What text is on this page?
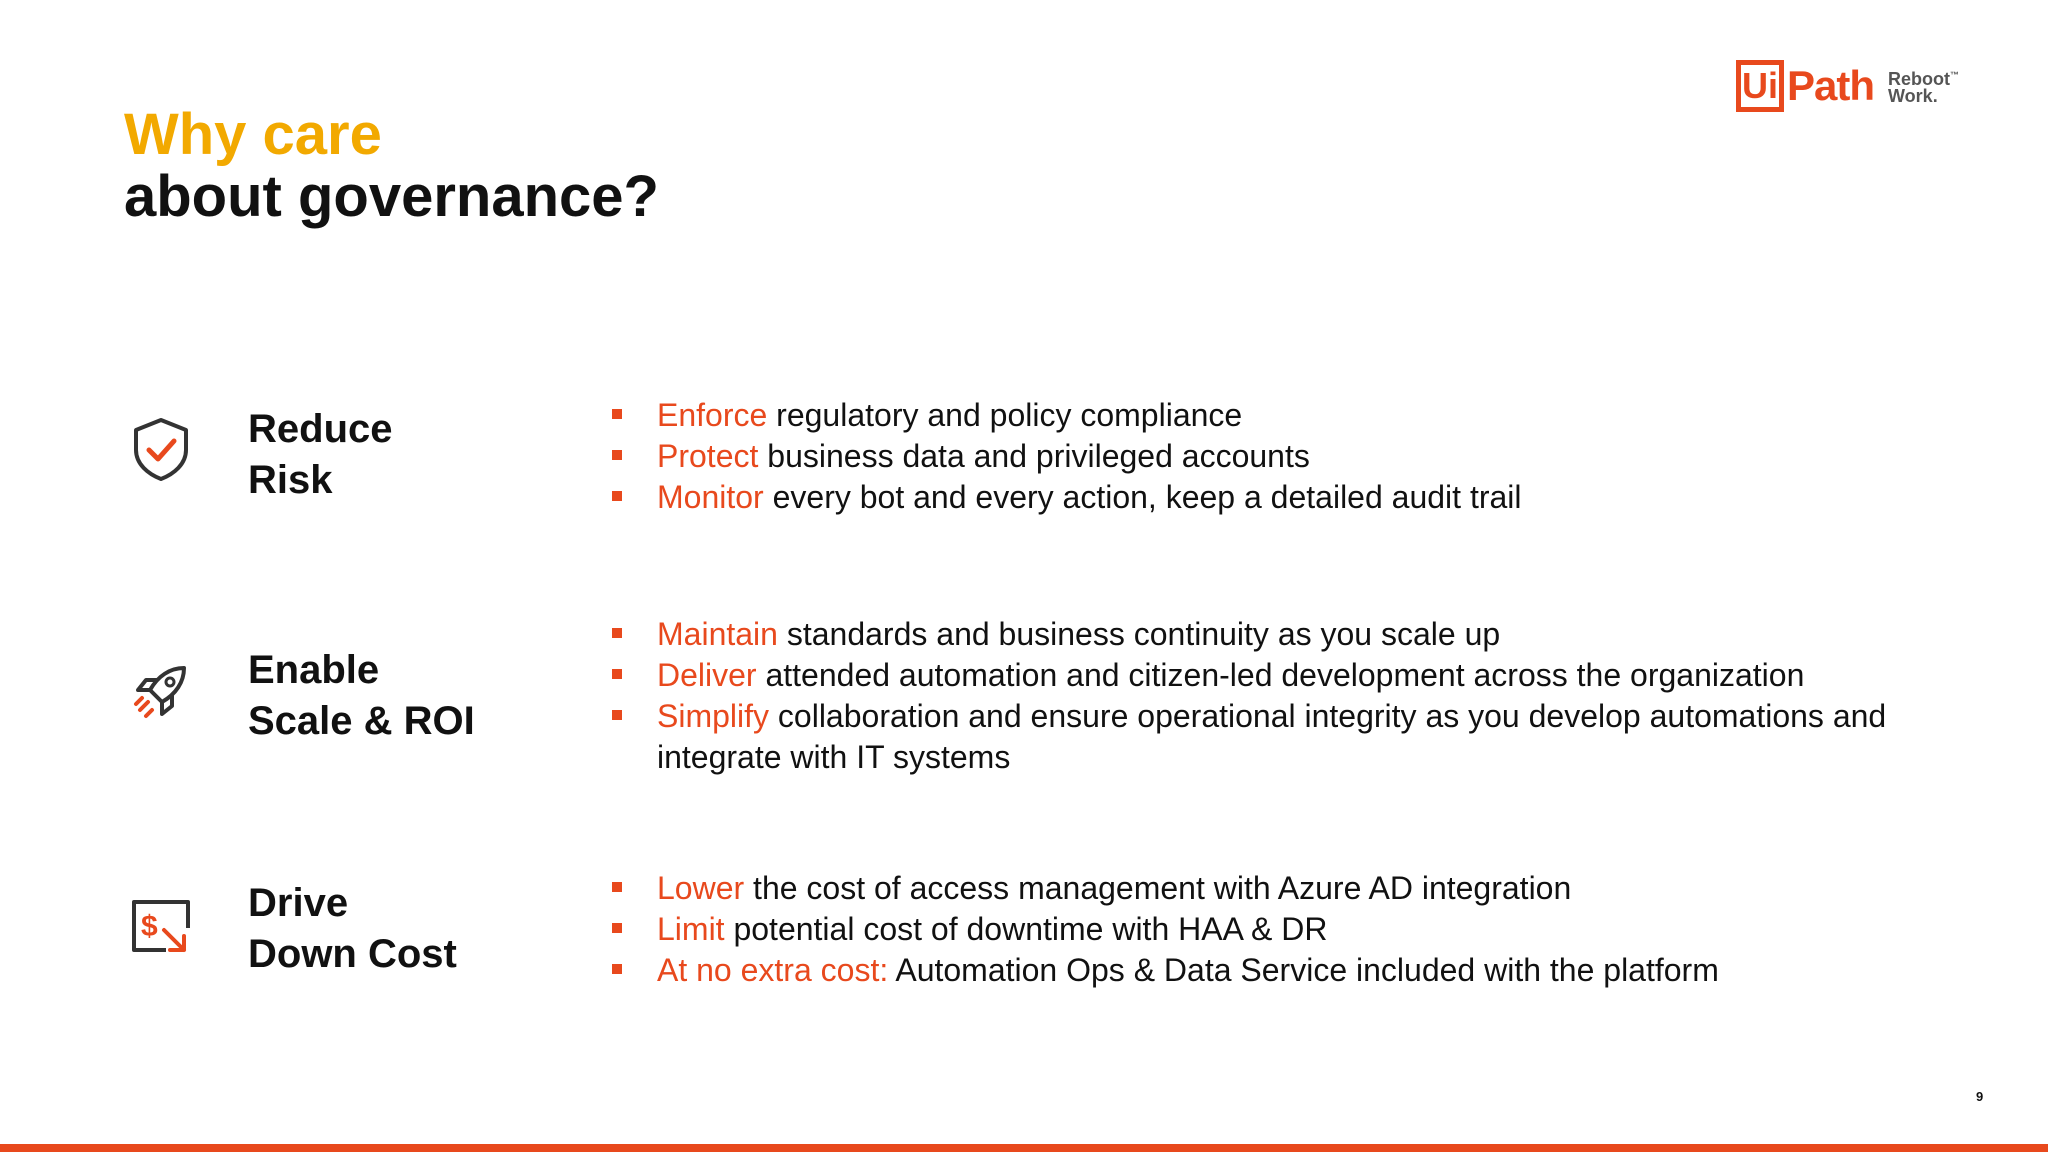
Why care
about governance?
Ui Path Reboot™
Work.
Reduce
Risk
Enforce regulatory and policy compliance
Protect business data and privileged accounts
Monitor every bot and every action, keep a detailed audit trail
Enable
Scale & ROI
Maintain standards and business continuity as you scale up
Deliver attended automation and citizen-led development across the organization
Simplify collaboration and ensure operational integrity as you develop automations and integrate with IT systems
$
Drive
Down Cost
Lower the cost of access management with Azure AD integration
Limit potential cost of downtime with HAA & DR
At no extra cost: Automation Ops & Data Service included with the platform
9
